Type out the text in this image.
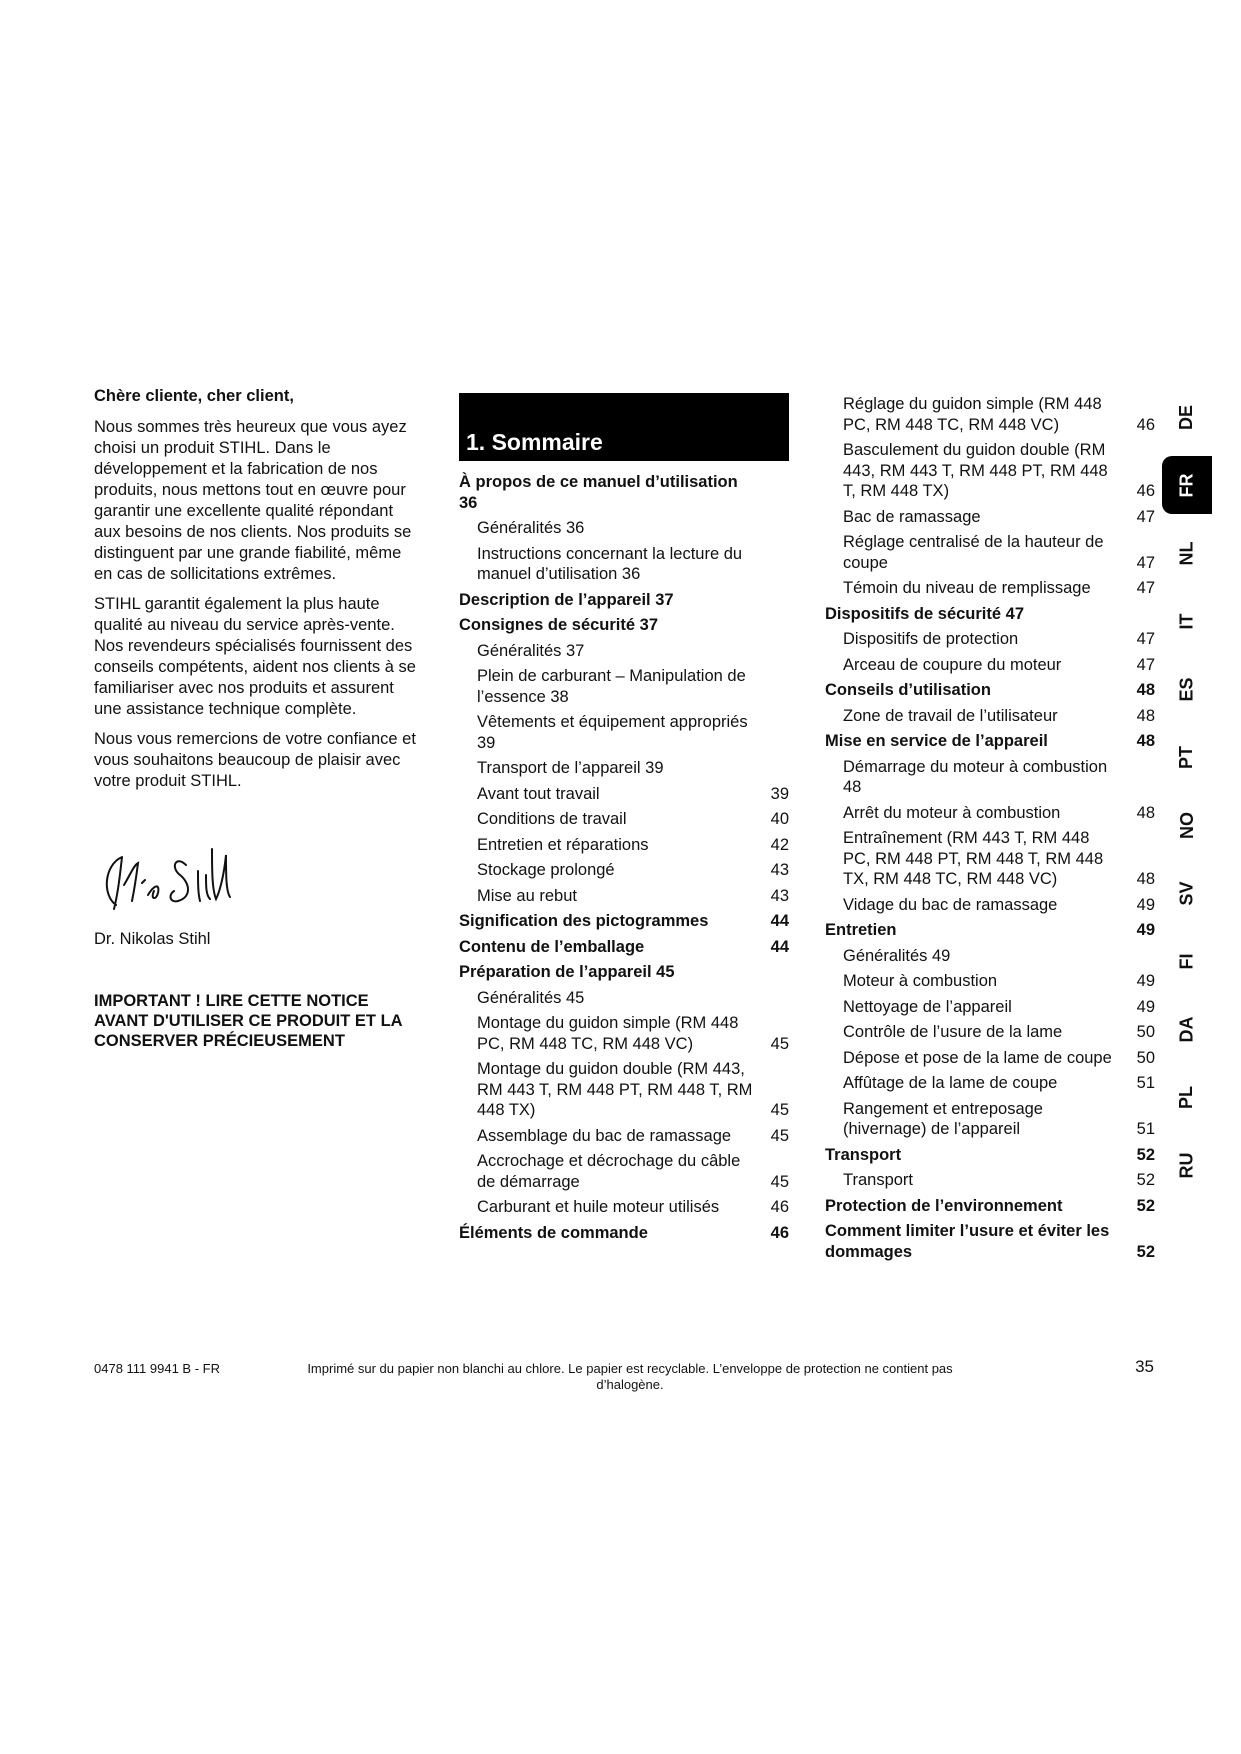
Chère cliente, cher client,

Nous sommes très heureux que vous ayez choisi un produit STIHL. Dans le développement et la fabrication de nos produits, nous mettons tout en œuvre pour garantir une excellente qualité répondant aux besoins de nos clients. Nos produits se distinguent par une grande fiabilité, même en cas de sollicitations extrêmes.

STIHL garantit également la plus haute qualité au niveau du service après-vente. Nos revendeurs spécialisés fournissent des conseils compétents, aident nos clients à se familiariser avec nos produits et assurent une assistance technique complète.

Nous vous remercions de votre confiance et vous souhaitons beaucoup de plaisir avec votre produit STIHL.

Dr. Nikolas Stihl
IMPORTANT ! LIRE CETTE NOTICE AVANT D'UTILISER CE PRODUIT ET LA CONSERVER PRÉCIEUSEMENT
1. Sommaire
À propos de ce manuel d’utilisation 36
Généralités 36
Instructions concernant la lecture du manuel d’utilisation 36
Description de l’appareil 37
Consignes de sécurité 37
Généralités 37
Plein de carburant – Manipulation de l’essence 38
Vêtements et équipement appropriés 39
Transport de l’appareil 39
Avant tout travail	39
Conditions de travail	40
Entretien et réparations	42
Stockage prolongé	43
Mise au rebut	43
Signification des pictogrammes	44
Contenu de l’emballage	44
Préparation de l’appareil 45
Généralités 45
Montage du guidon simple (RM 448 PC, RM 448 TC, RM 448 VC)	45
Montage du guidon double (RM 443, RM 443 T, RM 448 PT, RM 448 T, RM 448 TX)	45
Assemblage du bac de ramassage	45
Accrochage et décrochage du câble de démarrage	45
Carburant et huile moteur utilisés	46
Éléments de commande	46
Réglage du guidon simple (RM 448 PC, RM 448 TC, RM 448 VC)	46
Basculement du guidon double (RM 443, RM 443 T, RM 448 PT, RM 448 T, RM 448 TX)	46
Bac de ramassage	47
Réglage centralisé de la hauteur de coupe	47
Témoin du niveau de remplissage	47
Dispositifs de sécurité 47
Dispositifs de protection	47
Arceau de coupure du moteur	47
Conseils d’utilisation	48
Zone de travail de l’utilisateur	48
Mise en service de l’appareil	48
Démarrage du moteur à combustion 48
Arrêt du moteur à combustion	48
Entraînement (RM 443 T, RM 448 PC, RM 448 PT, RM 448 T, RM 448 TX, RM 448 TC, RM 448 VC)	48
Vidage du bac de ramassage	49
Entretien	49
Généralités 49
Moteur à combustion	49
Nettoyage de l’appareil	49
Contrôle de l’usure de la lame	50
Dépose et pose de la lame de coupe	50
Affûtage de la lame de coupe	51
Rangement et entreposage (hivernage) de l’appareil	51
Transport	52
Transport	52
Protection de l’environnement	52
Comment limiter l’usure et éviter les dommages	52
DE
FR
NL
IT
ES
PT
NO
SV
FI
DA
PL
RU
0478 111 9941 B - FR	Imprimé sur du papier non blanchi au chlore. Le papier est recyclable. L’enveloppe de protection ne contient pas d’halogène.
35
